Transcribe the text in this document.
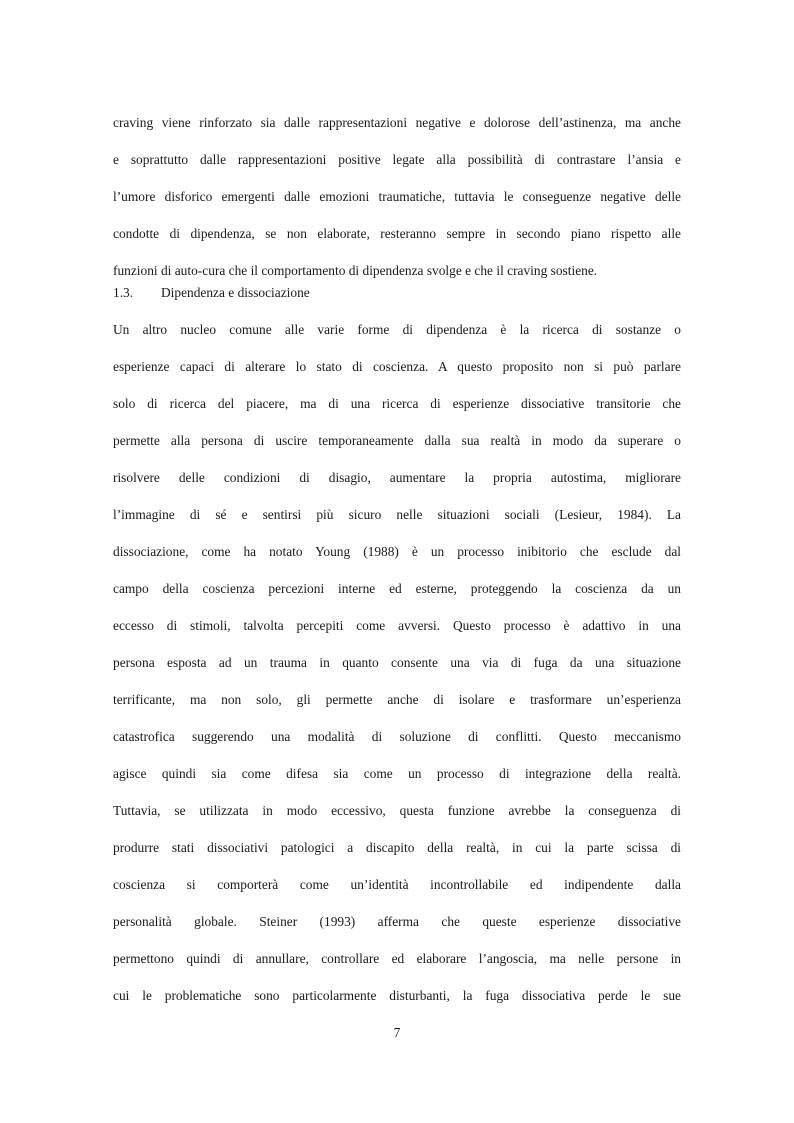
craving viene rinforzato sia dalle rappresentazioni negative e dolorose dell’astinenza, ma anche
e soprattutto dalle rappresentazioni positive legate alla possibilità di contrastare l’ansia e
l’umore disforico emergenti dalle emozioni traumatiche, tuttavia le conseguenze negative delle
condotte di dipendenza, se non elaborate, resteranno sempre in secondo piano rispetto alle
funzioni di auto-cura che il comportamento di dipendenza svolge e che il craving sostiene.
1.3. Dipendenza e dissociazione
Un altro nucleo comune alle varie forme di dipendenza è la ricerca di sostanze o
esperienze capaci di alterare lo stato di coscienza. A questo proposito non si può parlare
solo di ricerca del piacere, ma di una ricerca di esperienze dissociative transitorie che
permette alla persona di uscire temporaneamente dalla sua realtà in modo da superare o
risolvere delle condizioni di disagio, aumentare la propria autostima, migliorare
l’immagine di sé e sentirsi più sicuro nelle situazioni sociali (Lesieur, 1984). La
dissociazione, come ha notato Young (1988) è un processo inibitorio che esclude dal
campo della coscienza percezioni interne ed esterne, proteggendo la coscienza da un
eccesso di stimoli, talvolta percepiti come avversi. Questo processo è adattivo in una
persona esposta ad un trauma in quanto consente una via di fuga da una situazione
terrificante, ma non solo, gli permette anche di isolare e trasformare un’esperienza
catastrofica suggerendo una modalità di soluzione di conflitti. Questo meccanismo
agisce quindi sia come difesa sia come un processo di integrazione della realtà.
Tuttavia, se utilizzata in modo eccessivo, questa funzione avrebbe la conseguenza di
produrre stati dissociativi patologici a discapito della realtà, in cui la parte scissa di
coscienza si comporterà come un’identità incontrollabile ed indipendente dalla
personalità globale. Steiner (1993) afferma che queste esperienze dissociative
permettono quindi di annullare, controllare ed elaborare l’angoscia, ma nelle persone in
cui le problematiche sono particolarmente disturbanti, la fuga dissociativa perde le sue
7
